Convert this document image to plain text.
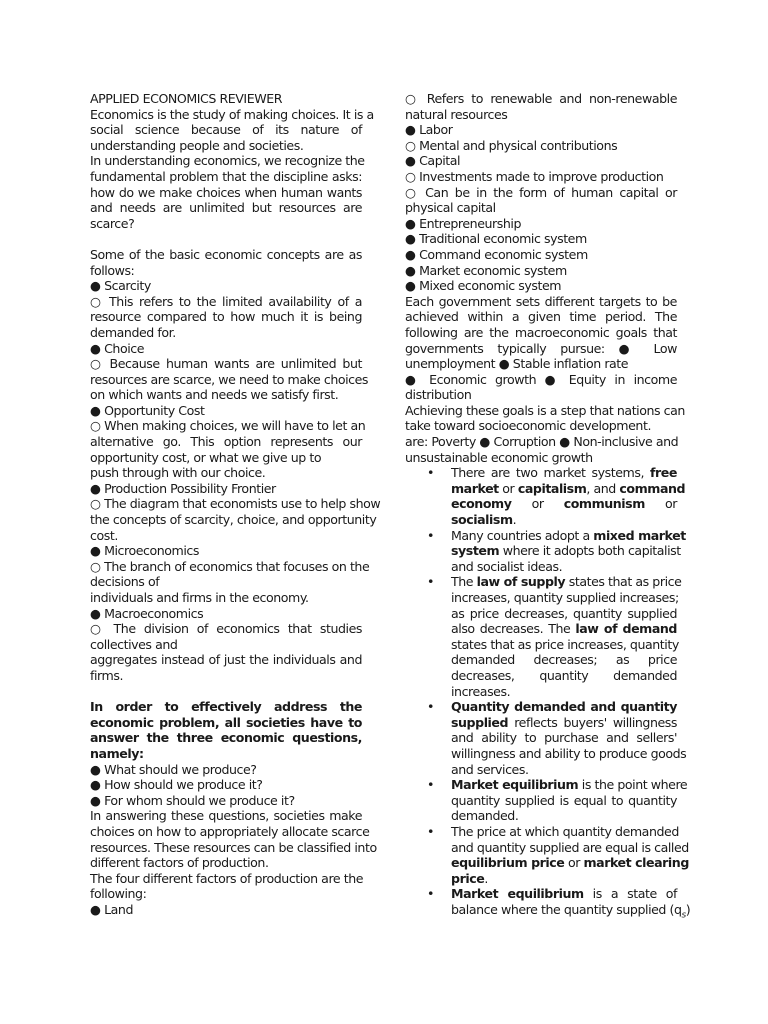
APPLIED ECONOMICS REVIEWER
Economics is the study of making choices. It is a
social science because of its nature of
understanding people and societies.
In understanding economics, we recognize the
fundamental problem that the discipline asks:
how do we make choices when human wants
and needs are unlimited but resources are
scarce?
Some of the basic economic concepts are as
follows:
● Scarcity
○ This refers to the limited availability of a
resource compared to how much it is being
demanded for.
● Choice
○ Because human wants are unlimited but
resources are scarce, we need to make choices
on which wants and needs we satisfy first.
● Opportunity Cost
○ When making choices, we will have to let an
alternative go. This option represents our
opportunity cost, or what we give up to
push through with our choice.
● Production Possibility Frontier
○ The diagram that economists use to help show
the concepts of scarcity, choice, and opportunity
cost.
● Microeconomics
○ The branch of economics that focuses on the
decisions of
individuals and firms in the economy.
● Macroeconomics
○ The division of economics that studies
collectives and
aggregates instead of just the individuals and
firms.
In order to effectively address the
economic problem, all societies have to
answer the three economic questions,
namely:
● What should we produce?
● How should we produce it?
● For whom should we produce it?
In answering these questions, societies make
choices on how to appropriately allocate scarce
resources. These resources can be classified into
different factors of production.
The four different factors of production are the
following:
● Land
○ Refers to renewable and non-renewable
natural resources
● Labor
○ Mental and physical contributions
● Capital
○ Investments made to improve production
○ Can be in the form of human capital or
physical capital
● Entrepreneurship
● Traditional economic system
● Command economic system
● Market economic system
● Mixed economic system
Each government sets different targets to be
achieved within a given time period. The
following are the macroeconomic goals that
governments typically pursue: ● Low
unemployment ● Stable inflation rate
● Economic growth ● Equity in income
distribution
Achieving these goals is a step that nations can
take toward socioeconomic development.
are: Poverty ● Corruption ● Non-inclusive and
unsustainable economic growth
• There are two market systems, free
market or capitalism, and command
economy or communism or
socialism.
• Many countries adopt a mixed market
system where it adopts both capitalist
and socialist ideas.
• The law of supply states that as price
increases, quantity supplied increases;
as price decreases, quantity supplied
also decreases. The law of demand
states that as price increases, quantity
demanded decreases; as price
decreases, quantity demanded
increases.
• Quantity demanded and quantity
supplied reflects buyers' willingness
and ability to purchase and sellers'
willingness and ability to produce goods
and services.
• Market equilibrium is the point where
quantity supplied is equal to quantity
demanded.
• The price at which quantity demanded
and quantity supplied are equal is called
equilibrium price or market clearing
price.
• Market equilibrium is a state of
balance where the quantity supplied $(q_s)$
